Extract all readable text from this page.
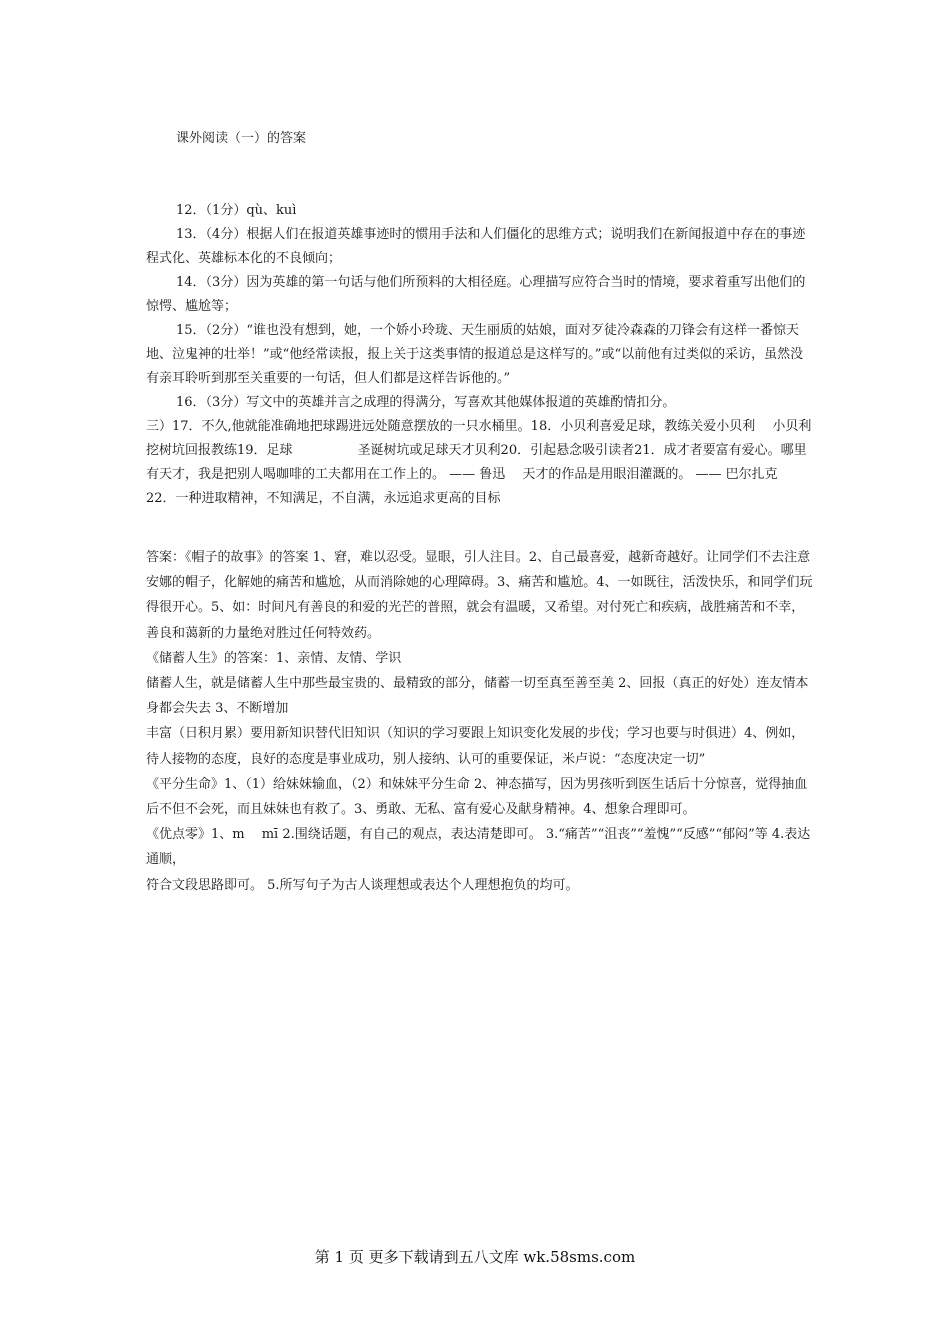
课外阅读（一）的答案

12．（1分）qù、kuì

13．（4分）根据人们在报道英雄事迹时的惯用手法和人们僵化的思维方式；说明我们在新闻报道中存在的事迹程式化、英雄标本化的不良倾向；

14．（3分）因为英雄的第一句话与他们所预料的大相径庭。心理描写应符合当时的情境，要求着重写出他们的惊愕、尴尬等；

15．（2分）“谁也没有想到，她，一个娇小玲珑、天生丽质的姑娘，面对歹徒冷森森的刀锋会有这样一番惊天地、泣鬼神的壮举！”或“他经常读报，报上关于这类事情的报道总是这样写的。”或“以前他有过类似的采访，虽然没有亲耳聆听到那至关重要的一句话，但人们都是这样告诉他的。”

16．（3分）写文中的英雄并言之成理的得满分，写喜欢其他媒体报道的英雄酌情扣分。

三）17．不久,他就能准确地把球踢进远处随意摆放的一只水桶里。18．小贝利喜爱足球，教练关爱小贝利　 小贝利挖树坑回报教练19．足球　　　　　圣诞树坑或足球天才贝利20．引起悬念吸引读者21．成才者要富有爱心。哪里有天才，我是把别人喝咖啡的工夫都用在工作上的。 —— 鲁迅　 天才的作品是用眼泪灌溉的。 —— 巴尔扎克　22．一种进取精神，不知满足，不自满，永远追求更高的目标

答案：《帽子的故事》的答案 1、窘，难以忍受。显眼，引人注目。2、自己最喜爱，越新奇越好。让同学们不去注意安娜的帽子，化解她的痛苦和尴尬，从而消除她的心理障碍。3、痛苦和尴尬。4、一如既往，活泼快乐，和同学们玩得很开心。5、如：时间凡有善良的和爱的光芒的普照，就会有温暖，又希望。对付死亡和疾病，战胜痛苦和不幸，善良和蔼新的力量绝对胜过任何特效药。

《储蓄人生》的答案：1、亲情、友情、学识

储蓄人生，就是储蓄人生中那些最宝贵的、最精致的部分，储蓄一切至真至善至美 2、回报（真正的好处）连友情本身都会失去 3、不断增加

丰富（日积月累）要用新知识替代旧知识（知识的学习要跟上知识变化发展的步伐；学习也要与时俱进）4、例如，待人接物的态度，良好的态度是事业成功，别人接纳、认可的重要保证，米卢说：“态度决定一切”

《平分生命》1、（1）给妹妹输血，（2）和妹妹平分生命 2、神态描写，因为男孩听到医生话后十分惊喜，觉得抽血后不但不会死，而且妹妹也有救了。3、勇敢、无私、富有爱心及献身精神。4、想象合理即可。

《优点零》1、m　 mī 2.围绕话题，有自己的观点，表达清楚即可。 3.“痛苦”“沮丧”“羞愧”“反感”“郁闷”等 4.表达通顺，

符合文段思路即可。 5.所写句子为古人谈理想或表达个人理想抱负的均可。

第 1 页 更多下载请到五八文库 wk.58sms.com
